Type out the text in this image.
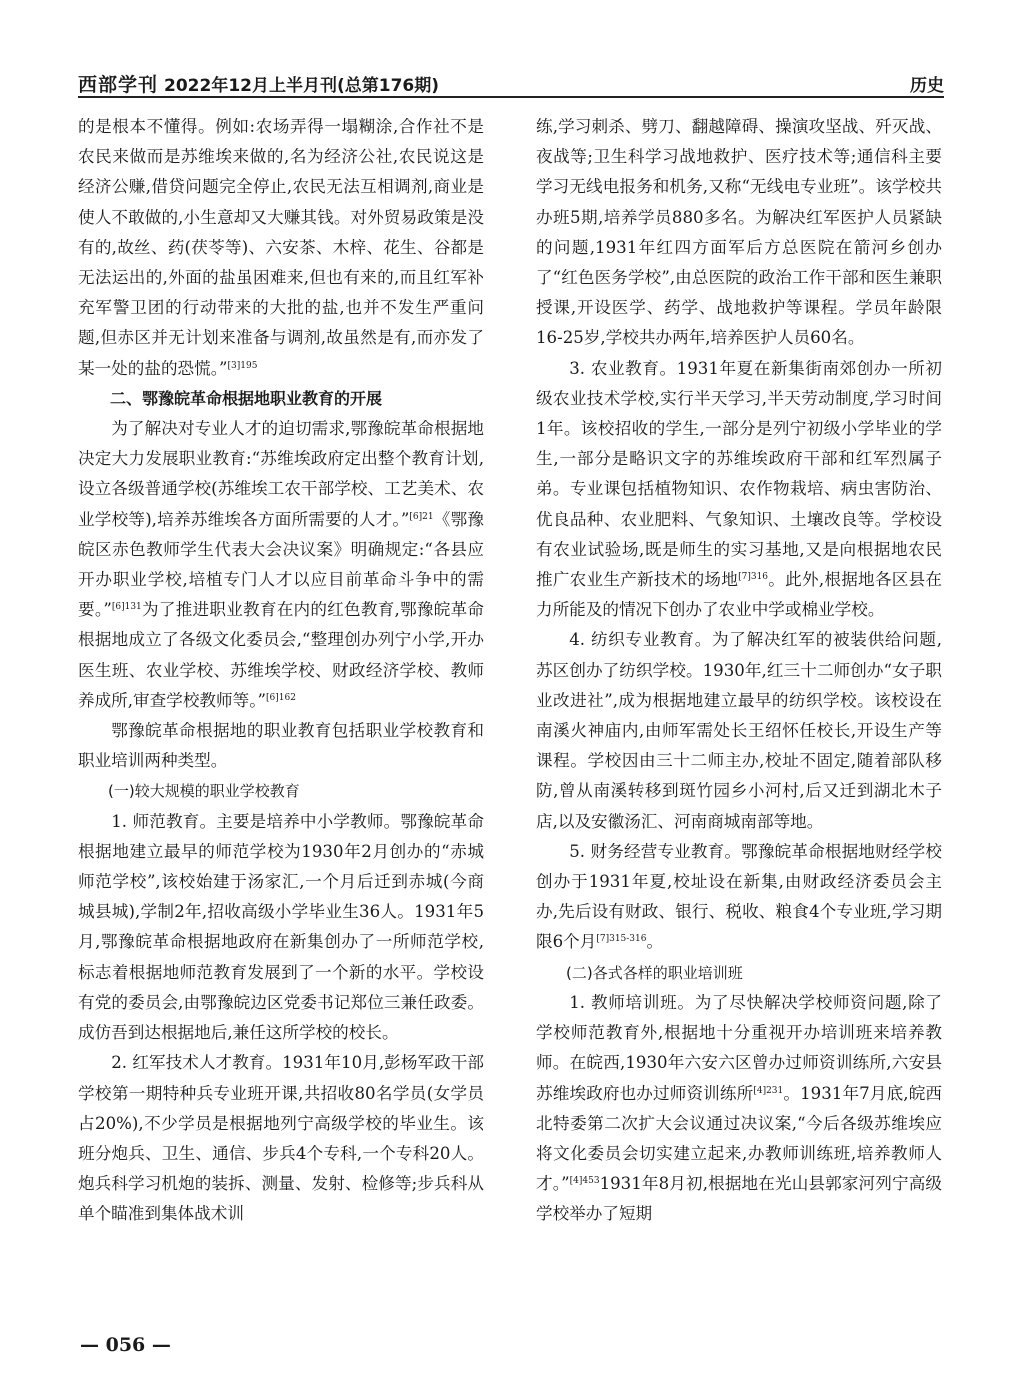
西部学刊 2022年12月上半月刊(总第176期)	历史

的是根本不懂得。例如:农场弄得一塌糊涂,合作社不是农民来做而是苏维埃来做的,名为经济公社,农民说这是经济公赚,借贷问题完全停止,农民无法互相调剂,商业是使人不敢做的,小生意却又大赚其钱。对外贸易政策是没有的,故丝、药(茯苓等)、六安茶、木梓、花生、谷都是无法运出的,外面的盐虽困难来,但也有来的,而且红军补充军警卫团的行动带来的大批的盐,也并不发生严重问题,但赤区并无计划来准备与调剂,故虽然是有,而亦发了某一处的盐的恐慌。”$^{[3]195}$

二、鄂豫皖革命根据地职业教育的开展

为了解决对专业人才的迫切需求,鄂豫皖革命根据地决定大力发展职业教育:“苏维埃政府定出整个教育计划,设立各级普通学校(苏维埃工农干部学校、工艺美术、农业学校等),培养苏维埃各方面所需要的人才。”$^{[6]21}$《鄂豫皖区赤色教师学生代表大会决议案》明确规定:“各县应开办职业学校,培植专门人才以应目前革命斗争中的需要。”$^{[6]131}$为了推进职业教育在内的红色教育,鄂豫皖革命根据地成立了各级文化委员会,“整理创办列宁小学,开办医生班、农业学校、苏维埃学校、财政经济学校、教师养成所,审查学校教师等。”$^{[6]162}$

鄂豫皖革命根据地的职业教育包括职业学校教育和职业培训两种类型。

(一)较大规模的职业学校教育

1. 师范教育。主要是培养中小学教师。鄂豫皖革命根据地建立最早的师范学校为1930年2月创办的“赤城师范学校”,该校始建于汤家汇,一个月后迁到赤城(今商城县城),学制2年,招收高级小学毕业生36人。1931年5月,鄂豫皖革命根据地政府在新集创办了一所师范学校,标志着根据地师范教育发展到了一个新的水平。学校设有党的委员会,由鄂豫皖边区党委书记郑位三兼任政委。成仿吾到达根据地后,兼任这所学校的校长。

2. 红军技术人才教育。1931年10月,彭杨军政干部学校第一期特种兵专业班开课,共招收80名学员(女学员占20%),不少学员是根据地列宁高级学校的毕业生。该班分炮兵、卫生、通信、步兵4个专科,一个专科20人。炮兵科学习机炮的装拆、测量、发射、检修等;步兵科从单个瞄准到集体战术训

练,学习刺杀、劈刀、翻越障碍、操演攻坚战、歼灭战、夜战等;卫生科学习战地救护、医疗技术等;通信科主要学习无线电报务和机务,又称“无线电专业班”。该学校共办班5期,培养学员880多名。为解决红军医护人员紧缺的问题,1931年红四方面军后方总医院在箭河乡创办了“红色医务学校”,由总医院的政治工作干部和医生兼职授课,开设医学、药学、战地救护等课程。学员年龄限16-25岁,学校共办两年,培养医护人员60名。

3. 农业教育。1931年夏在新集街南郊创办一所初级农业技术学校,实行半天学习,半天劳动制度,学习时间1年。该校招收的学生,一部分是列宁初级小学毕业的学生,一部分是略识文字的苏维埃政府干部和红军烈属子弟。专业课包括植物知识、农作物栽培、病虫害防治、优良品种、农业肥料、气象知识、土壤改良等。学校设有农业试验场,既是师生的实习基地,又是向根据地农民推广农业生产新技术的场地$^{[7]316}$。此外,根据地各区县在力所能及的情况下创办了农业中学或棉业学校。

4. 纺织专业教育。为了解决红军的被装供给问题,苏区创办了纺织学校。1930年,红三十二师创办“女子职业改进社”,成为根据地建立最早的纺织学校。该校设在南溪火神庙内,由师军需处长王绍怀任校长,开设生产等课程。学校因由三十二师主办,校址不固定,随着部队移防,曾从南溪转移到斑竹园乡小河村,后又迁到湖北木子店,以及安徽汤汇、河南商城南部等地。

5. 财务经营专业教育。鄂豫皖革命根据地财经学校创办于1931年夏,校址设在新集,由财政经济委员会主办,先后设有财政、银行、税收、粮食4个专业班,学习期限6个月$^{[7]315-316}$。

(二)各式各样的职业培训班

1. 教师培训班。为了尽快解决学校师资问题,除了学校师范教育外,根据地十分重视开办培训班来培养教师。在皖西,1930年六安六区曾办过师资训练所,六安县苏维埃政府也办过师资训练所$^{[4]231}$。1931年7月底,皖西北特委第二次扩大会议通过决议案,“今后各级苏维埃应将文化委员会切实建立起来,办教师训练班,培养教师人才。”$^{[4]453}$1931年8月初,根据地在光山县郭家河列宁高级学校举办了短期

— 056 —
